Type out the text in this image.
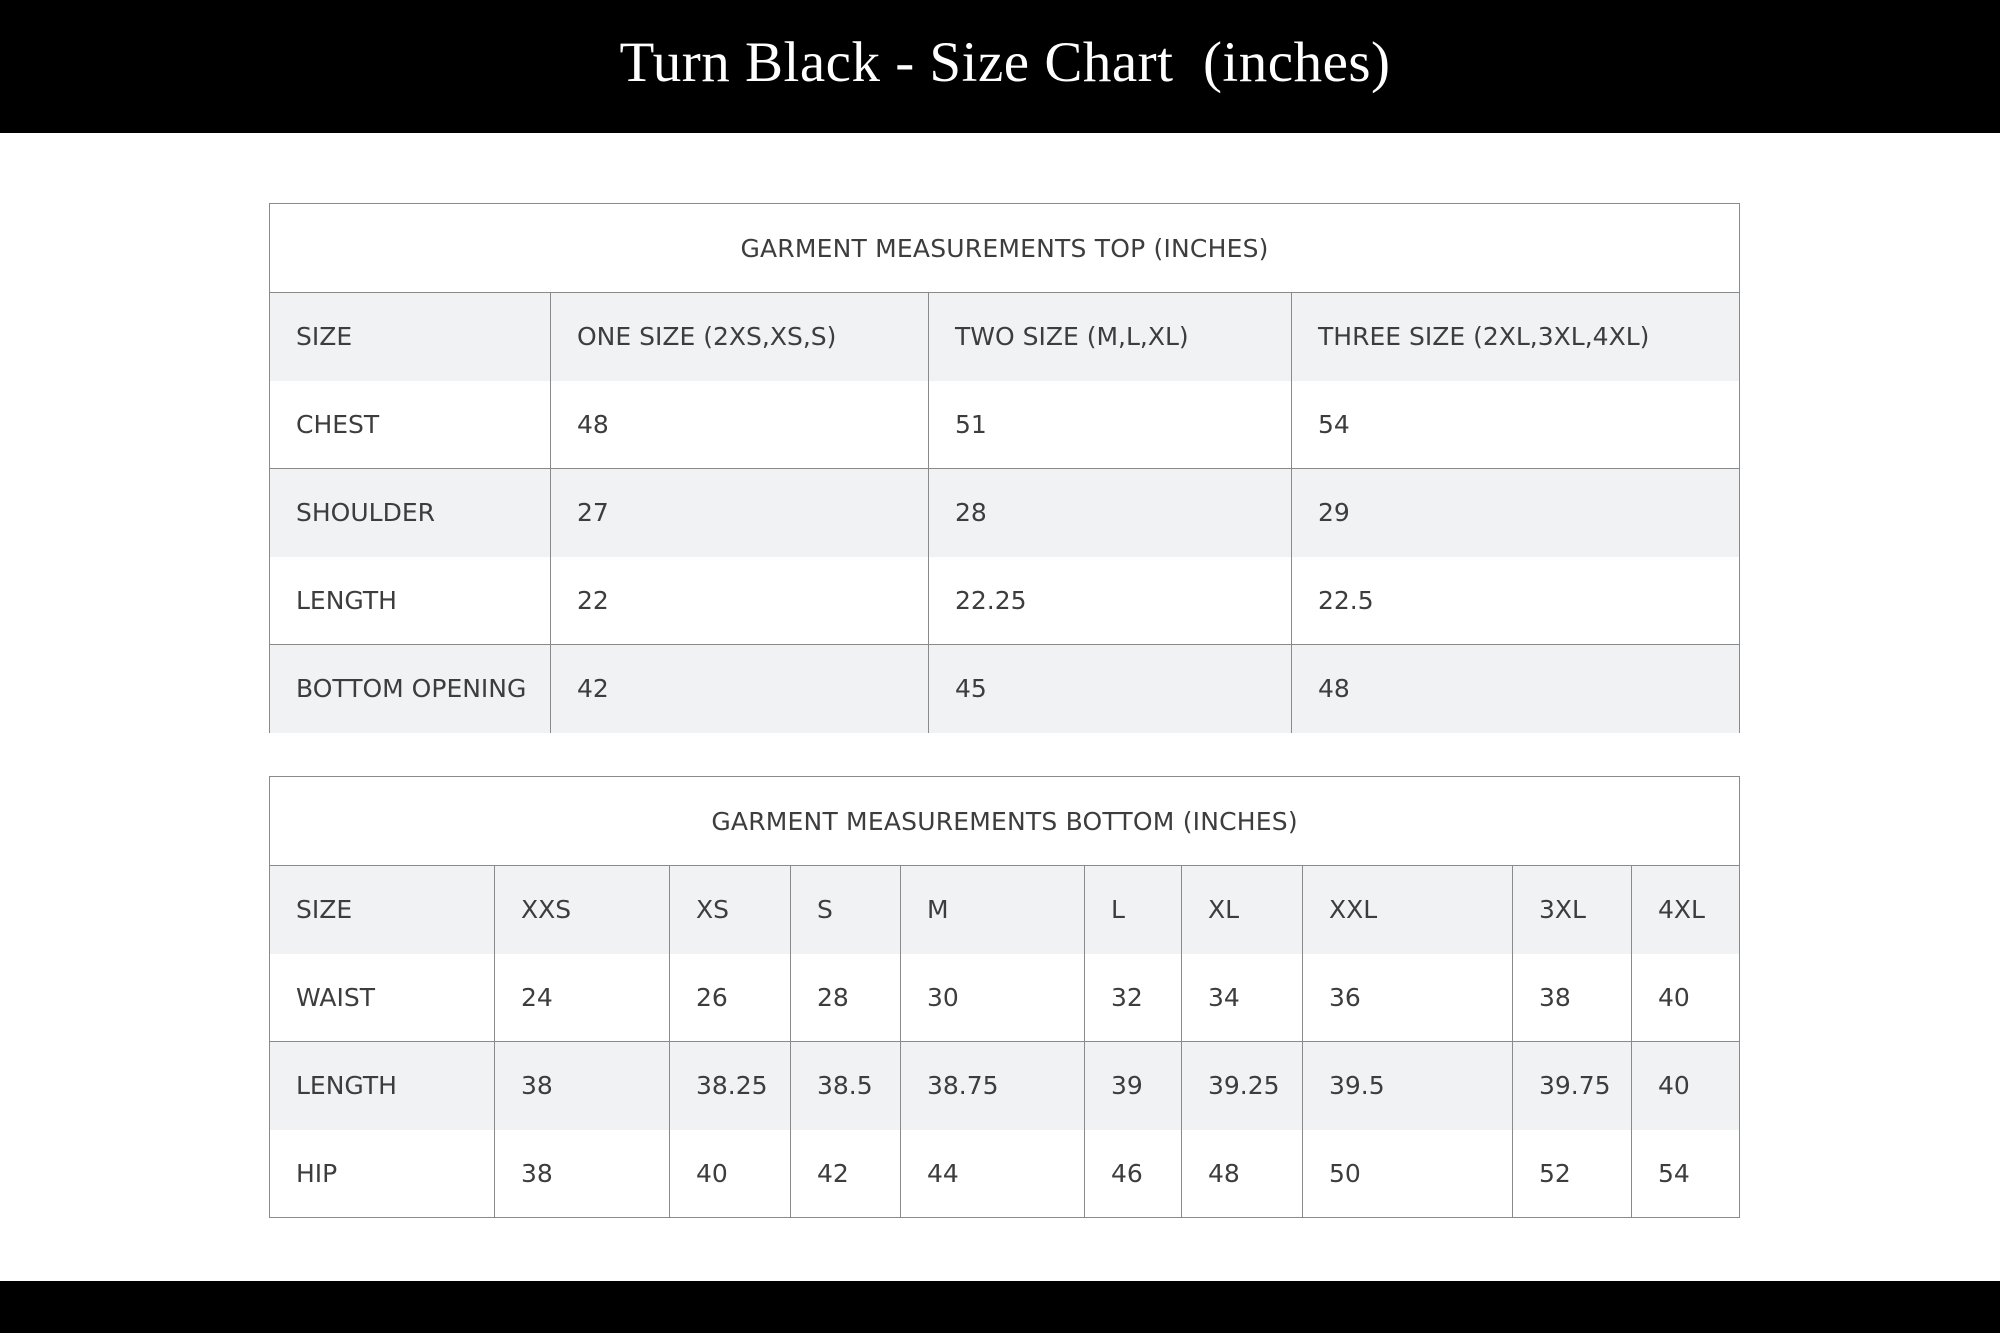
Turn Black - Size Chart  (inches)
GARMENT MEASUREMENTS TOP (INCHES)			
SIZE	ONE SIZE (2XS,XS,S)	TWO SIZE (M,L,XL)	THREE SIZE (2XL,3XL,4XL)
CHEST	48	51	54
SHOULDER	27	28	29
LENGTH	22	22.25	22.5
BOTTOM OPENING	42	45	48
GARMENT MEASUREMENTS BOTTOM (INCHES)									
SIZE	XXS	XS	S	M	L	XL	XXL	3XL	4XL
WAIST	24	26	28	30	32	34	36	38	40
LENGTH	38	38.25	38.5	38.75	39	39.25	39.5	39.75	40
HIP	38	40	42	44	46	48	50	52	54
